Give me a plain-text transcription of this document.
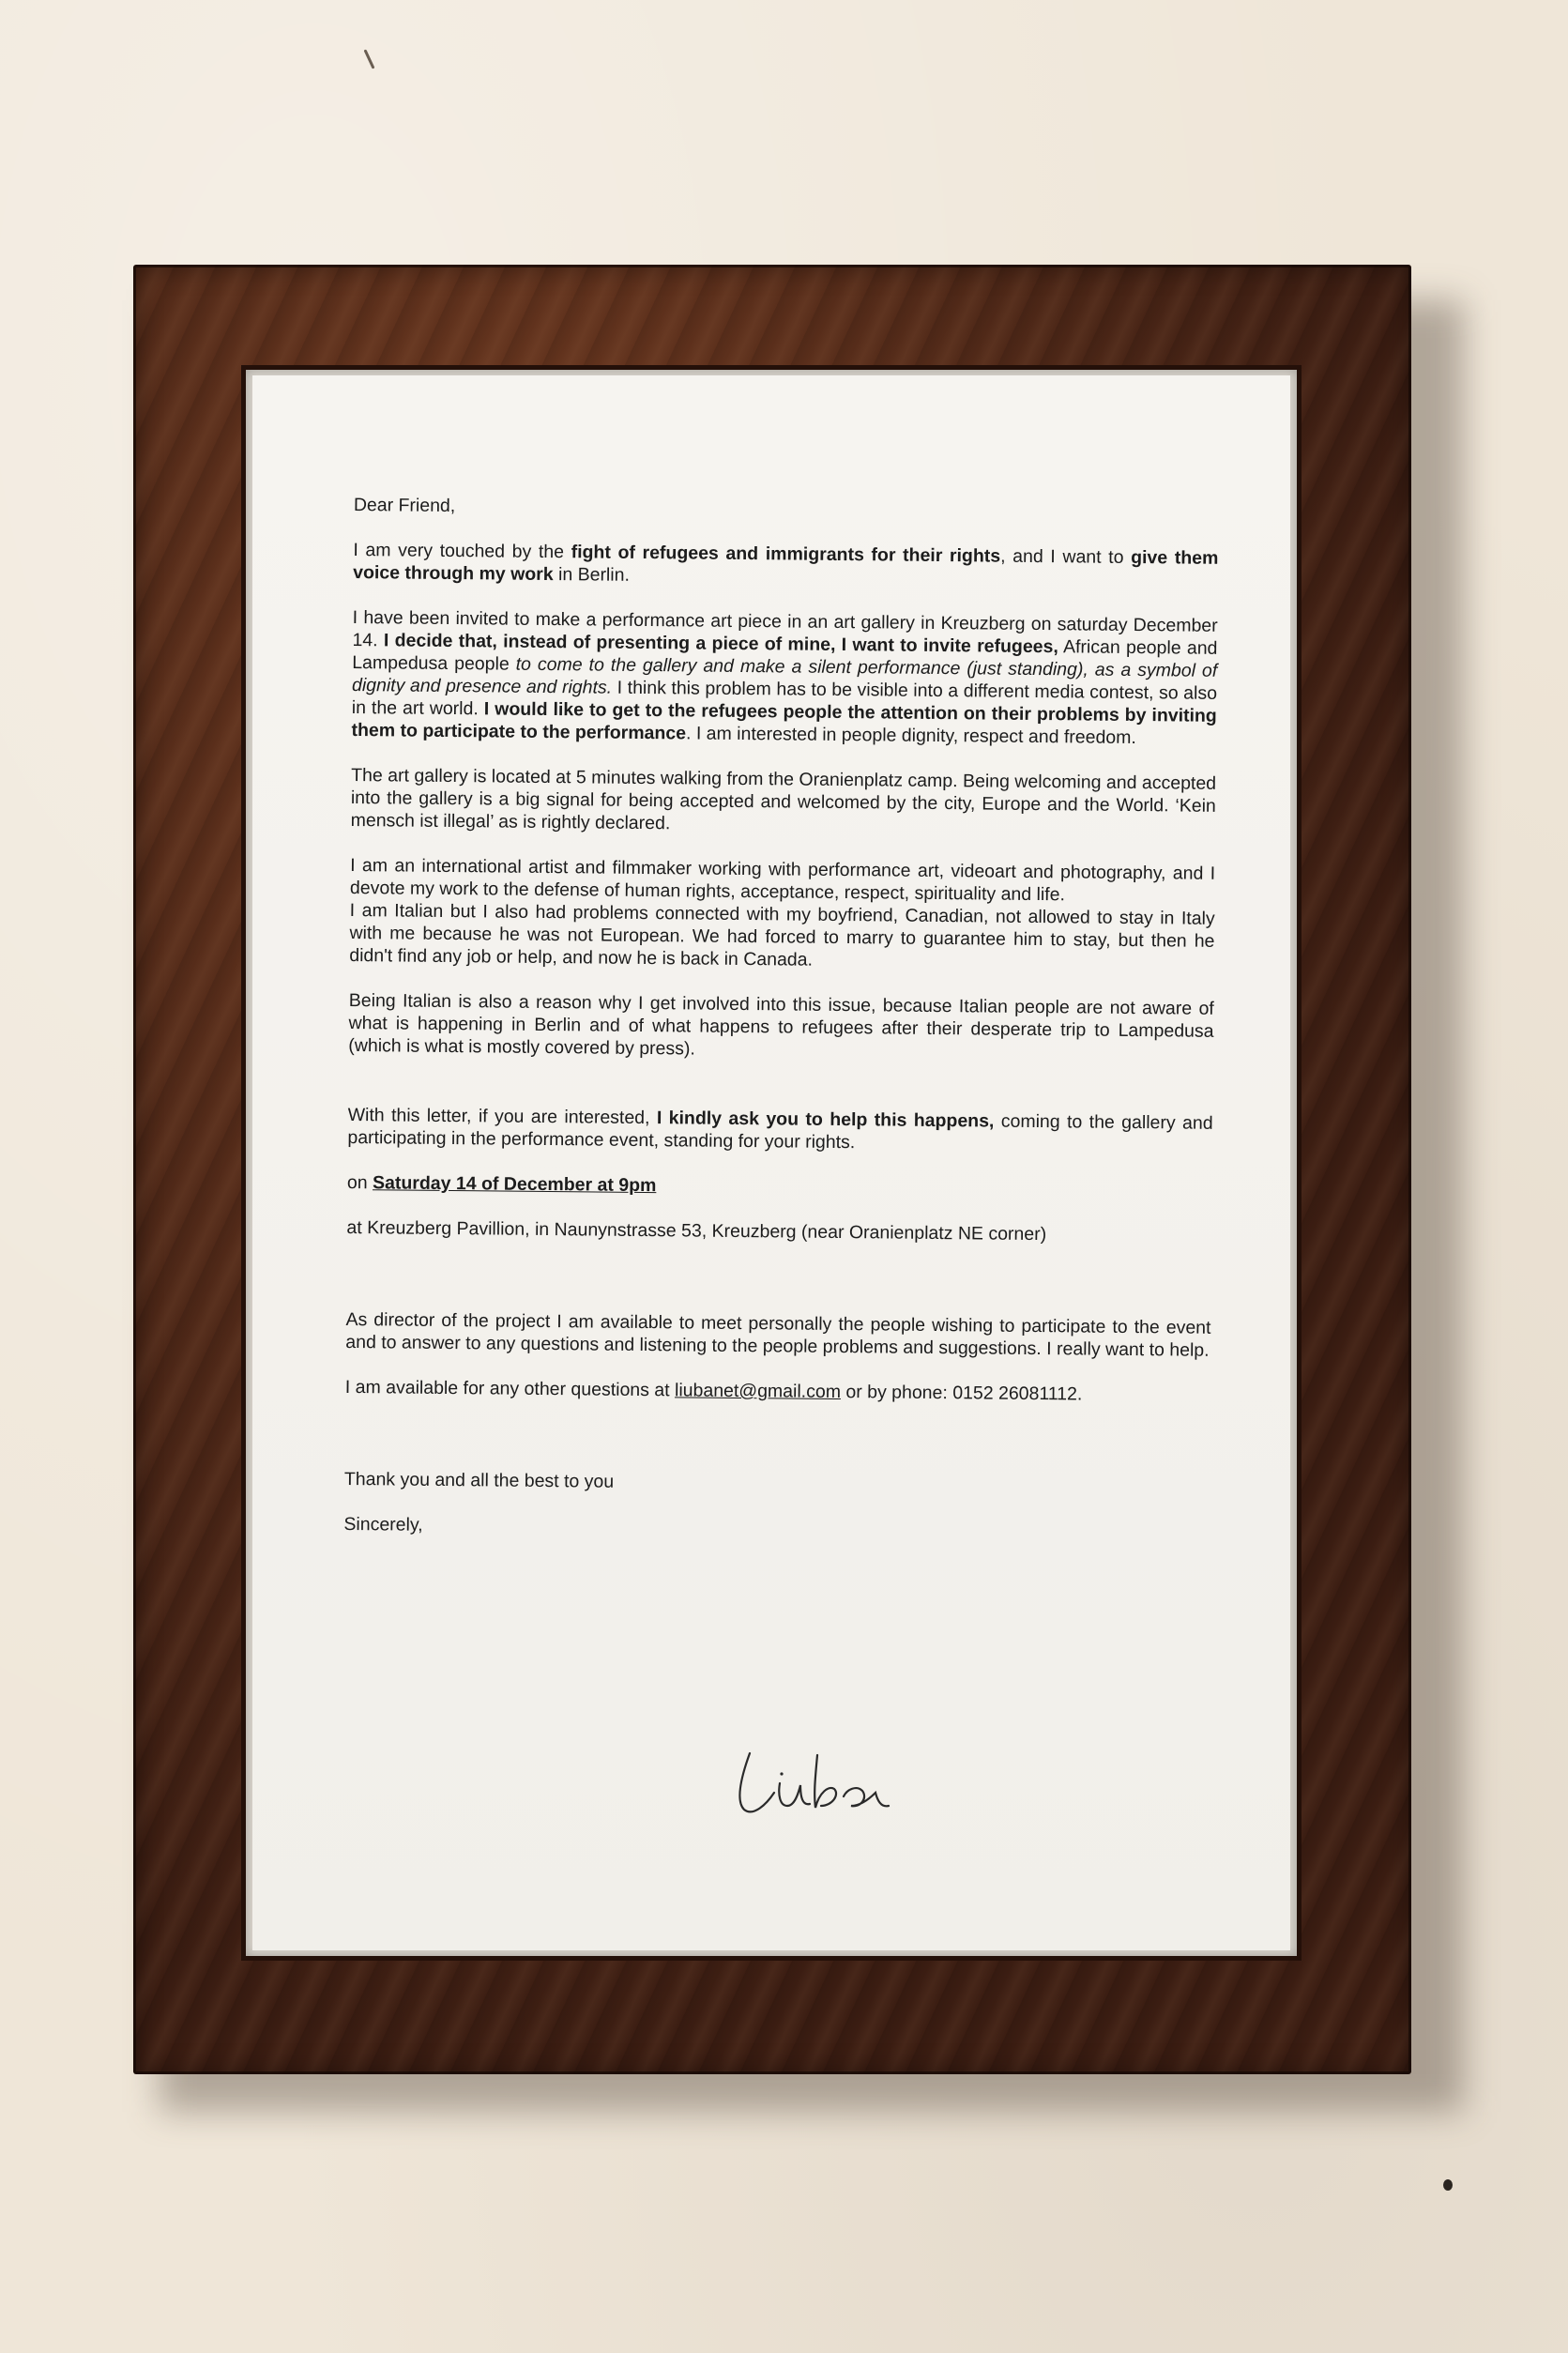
Dear Friend,

I am very touched by the fight of refugees and immigrants for their rights, and I want to give them voice through my work in Berlin.

I have been invited to make a performance art piece in an art gallery in Kreuzberg on saturday December 14. I decide that, instead of presenting a piece of mine, I want to invite refugees, African people and Lampedusa people to come to the gallery and make a silent performance (just standing), as a symbol of dignity and presence and rights. I think this problem has to be visible into a different media contest, so also in the art world. I would like to get to the refugees people the attention on their problems by inviting them to participate to the performance. I am interested in people dignity, respect and freedom.

The art gallery is located at 5 minutes walking from the Oranienplatz camp. Being welcoming and accepted into the gallery is a big signal for being accepted and welcomed by the city, Europe and the World. ‘Kein mensch ist illegal’ as is rightly declared.

I am an international artist and filmmaker working with performance art, videoart and photography, and I devote my work to the defense of human rights, acceptance, respect, spirituality and life.

I am Italian but I also had problems connected with my boyfriend, Canadian, not allowed to stay in Italy with me because he was not European. We had forced to marry to guarantee him to stay, but then he didn't find any job or help, and now he is back in Canada.

Being Italian is also a reason why I get involved into this issue, because Italian people are not aware of what is happening in Berlin and of what happens to refugees after their desperate trip to Lampedusa (which is what is mostly covered by press).

With this letter, if you are interested, I kindly ask you to help this happens, coming to the gallery and participating in the performance event, standing for your rights.

on Saturday 14 of December at 9pm

at Kreuzberg Pavillion, in Naunynstrasse 53, Kreuzberg (near Oranienplatz NE corner)

As director of the project I am available to meet personally the people wishing to participate to the event and to answer to any questions and listening to the people problems and suggestions. I really want to help.

I am available for any other questions at liubanet@gmail.com or by phone: 0152 26081112.

Thank you and all the best to you

Sincerely,
